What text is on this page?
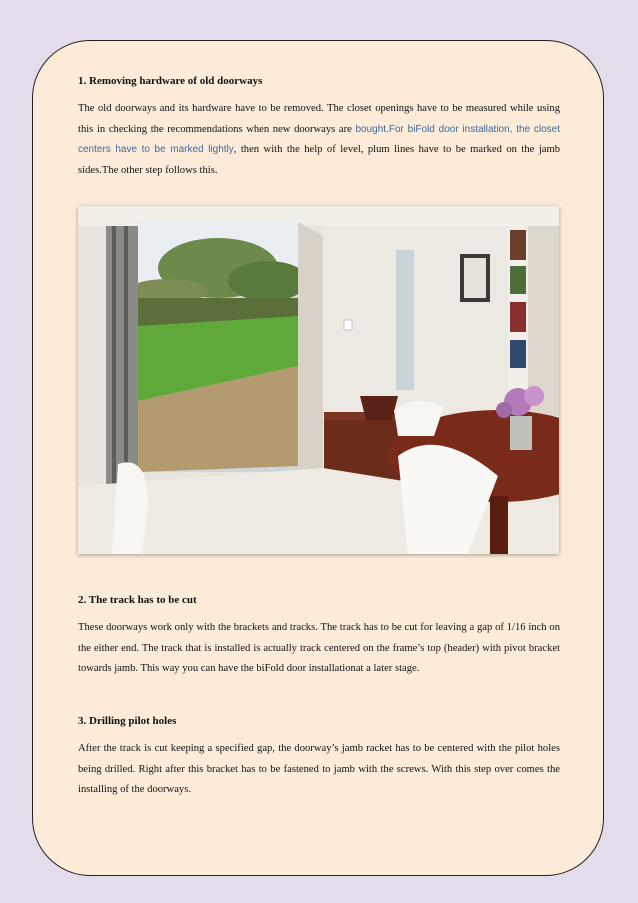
1. Removing hardware of old doorways

The old doorways and its hardware have to be removed. The closet openings have to be measured while using this in checking the recommendations when new doorways are bought.For biFold door installation, the closet centers have to be marked lightly, then with the help of level, plum lines have to be marked on the jamb sides.The other step follows this.

2. The track has to be cut

These doorways work only with the brackets and tracks. The track has to be cut for leaving a gap of 1/16 inch on the either end. The track that is installed is actually track centered on the frame’s top (header) with pivot bracket towards jamb. This way you can have the biFold door installationat a later stage.

3. Drilling pilot holes

After the track is cut keeping a specified gap, the doorway’s jamb racket has to be centered with the pilot holes being drilled. Right after this bracket has to be fastened to jamb with the screws. With this step over comes the installing of the doorways.
